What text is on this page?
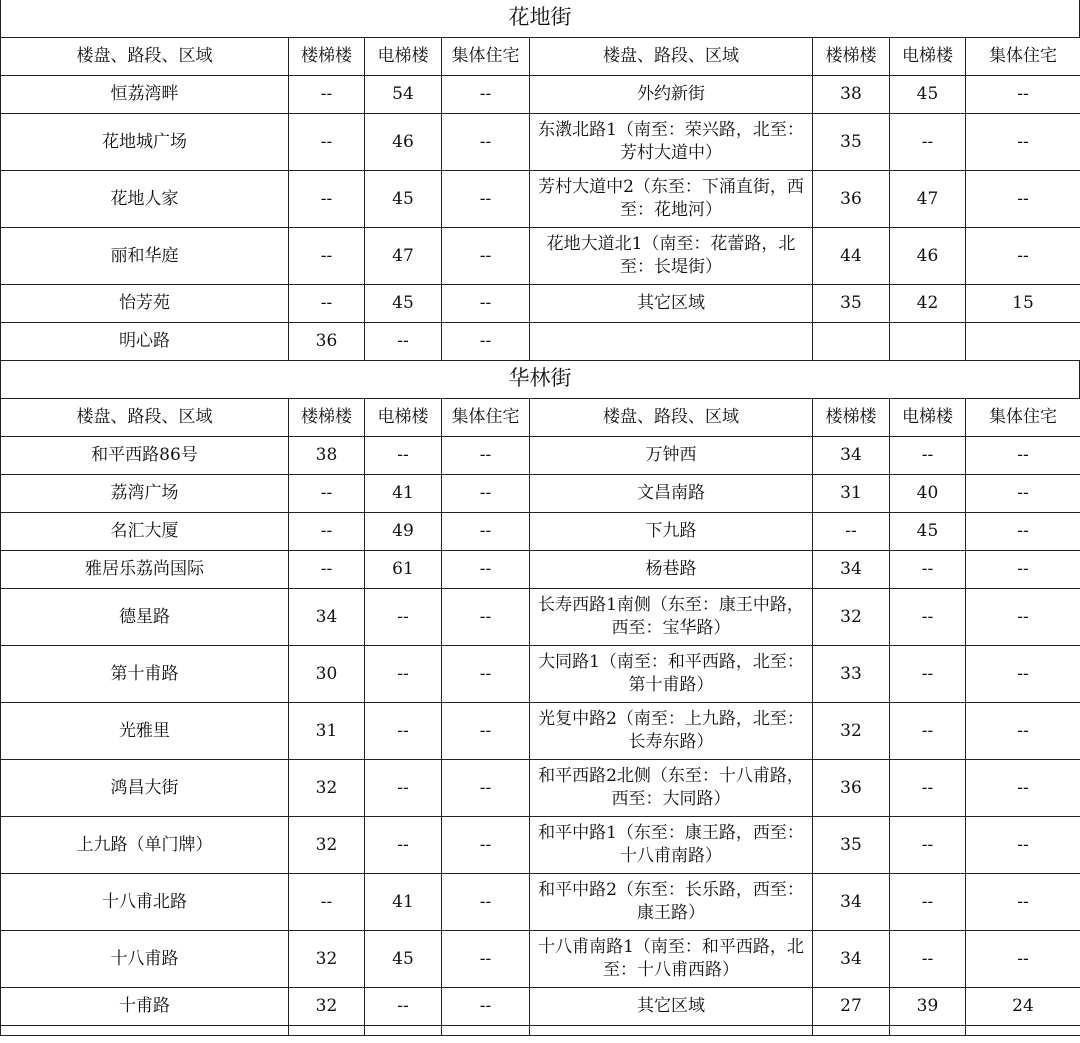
花地街
楼盘、路段、区域	楼梯楼	电梯楼	集体住宅	楼盘、路段、区域	楼梯楼	电梯楼	集体住宅
恒荔湾畔	--	54	--	外约新街	38	45	--
花地城广场	--	46	--	东漖北路1（南至：荣兴路，北至：芳村大道中）	35	--	--
花地人家	--	45	--	芳村大道中2（东至：下涌直街，西至：花地河）	36	47	--
丽和华庭	--	47	--	花地大道北1（南至：花蕾路，北至：长堤街）	44	46	--
怡芳苑	--	45	--	其它区域	35	42	15
明心路	36	--	--				
华林街
楼盘、路段、区域	楼梯楼	电梯楼	集体住宅	楼盘、路段、区域	楼梯楼	电梯楼	集体住宅
和平西路86号	38	--	--	万钟西	34	--	--
荔湾广场	--	41	--	文昌南路	31	40	--
名汇大厦	--	49	--	下九路	--	45	--
雅居乐荔尚国际	--	61	--	杨巷路	34	--	--
德星路	34	--	--	长寿西路1南侧（东至：康王中路，西至：宝华路）	32	--	--
第十甫路	30	--	--	大同路1（南至：和平西路，北至：第十甫路）	33	--	--
光雅里	31	--	--	光复中路2（南至：上九路，北至：长寿东路）	32	--	--
鸿昌大街	32	--	--	和平西路2北侧（东至：十八甫路，西至：大同路）	36	--	--
上九路（单门牌）	32	--	--	和平中路1（东至：康王路，西至：十八甫南路）	35	--	--
十八甫北路	--	41	--	和平中路2（东至：长乐路，西至：康王路）	34	--	--
十八甫路	32	45	--	十八甫南路1（南至：和平西路，北至：十八甫西路）	34	--	--
十甫路	32	--	--	其它区域	27	39	24
